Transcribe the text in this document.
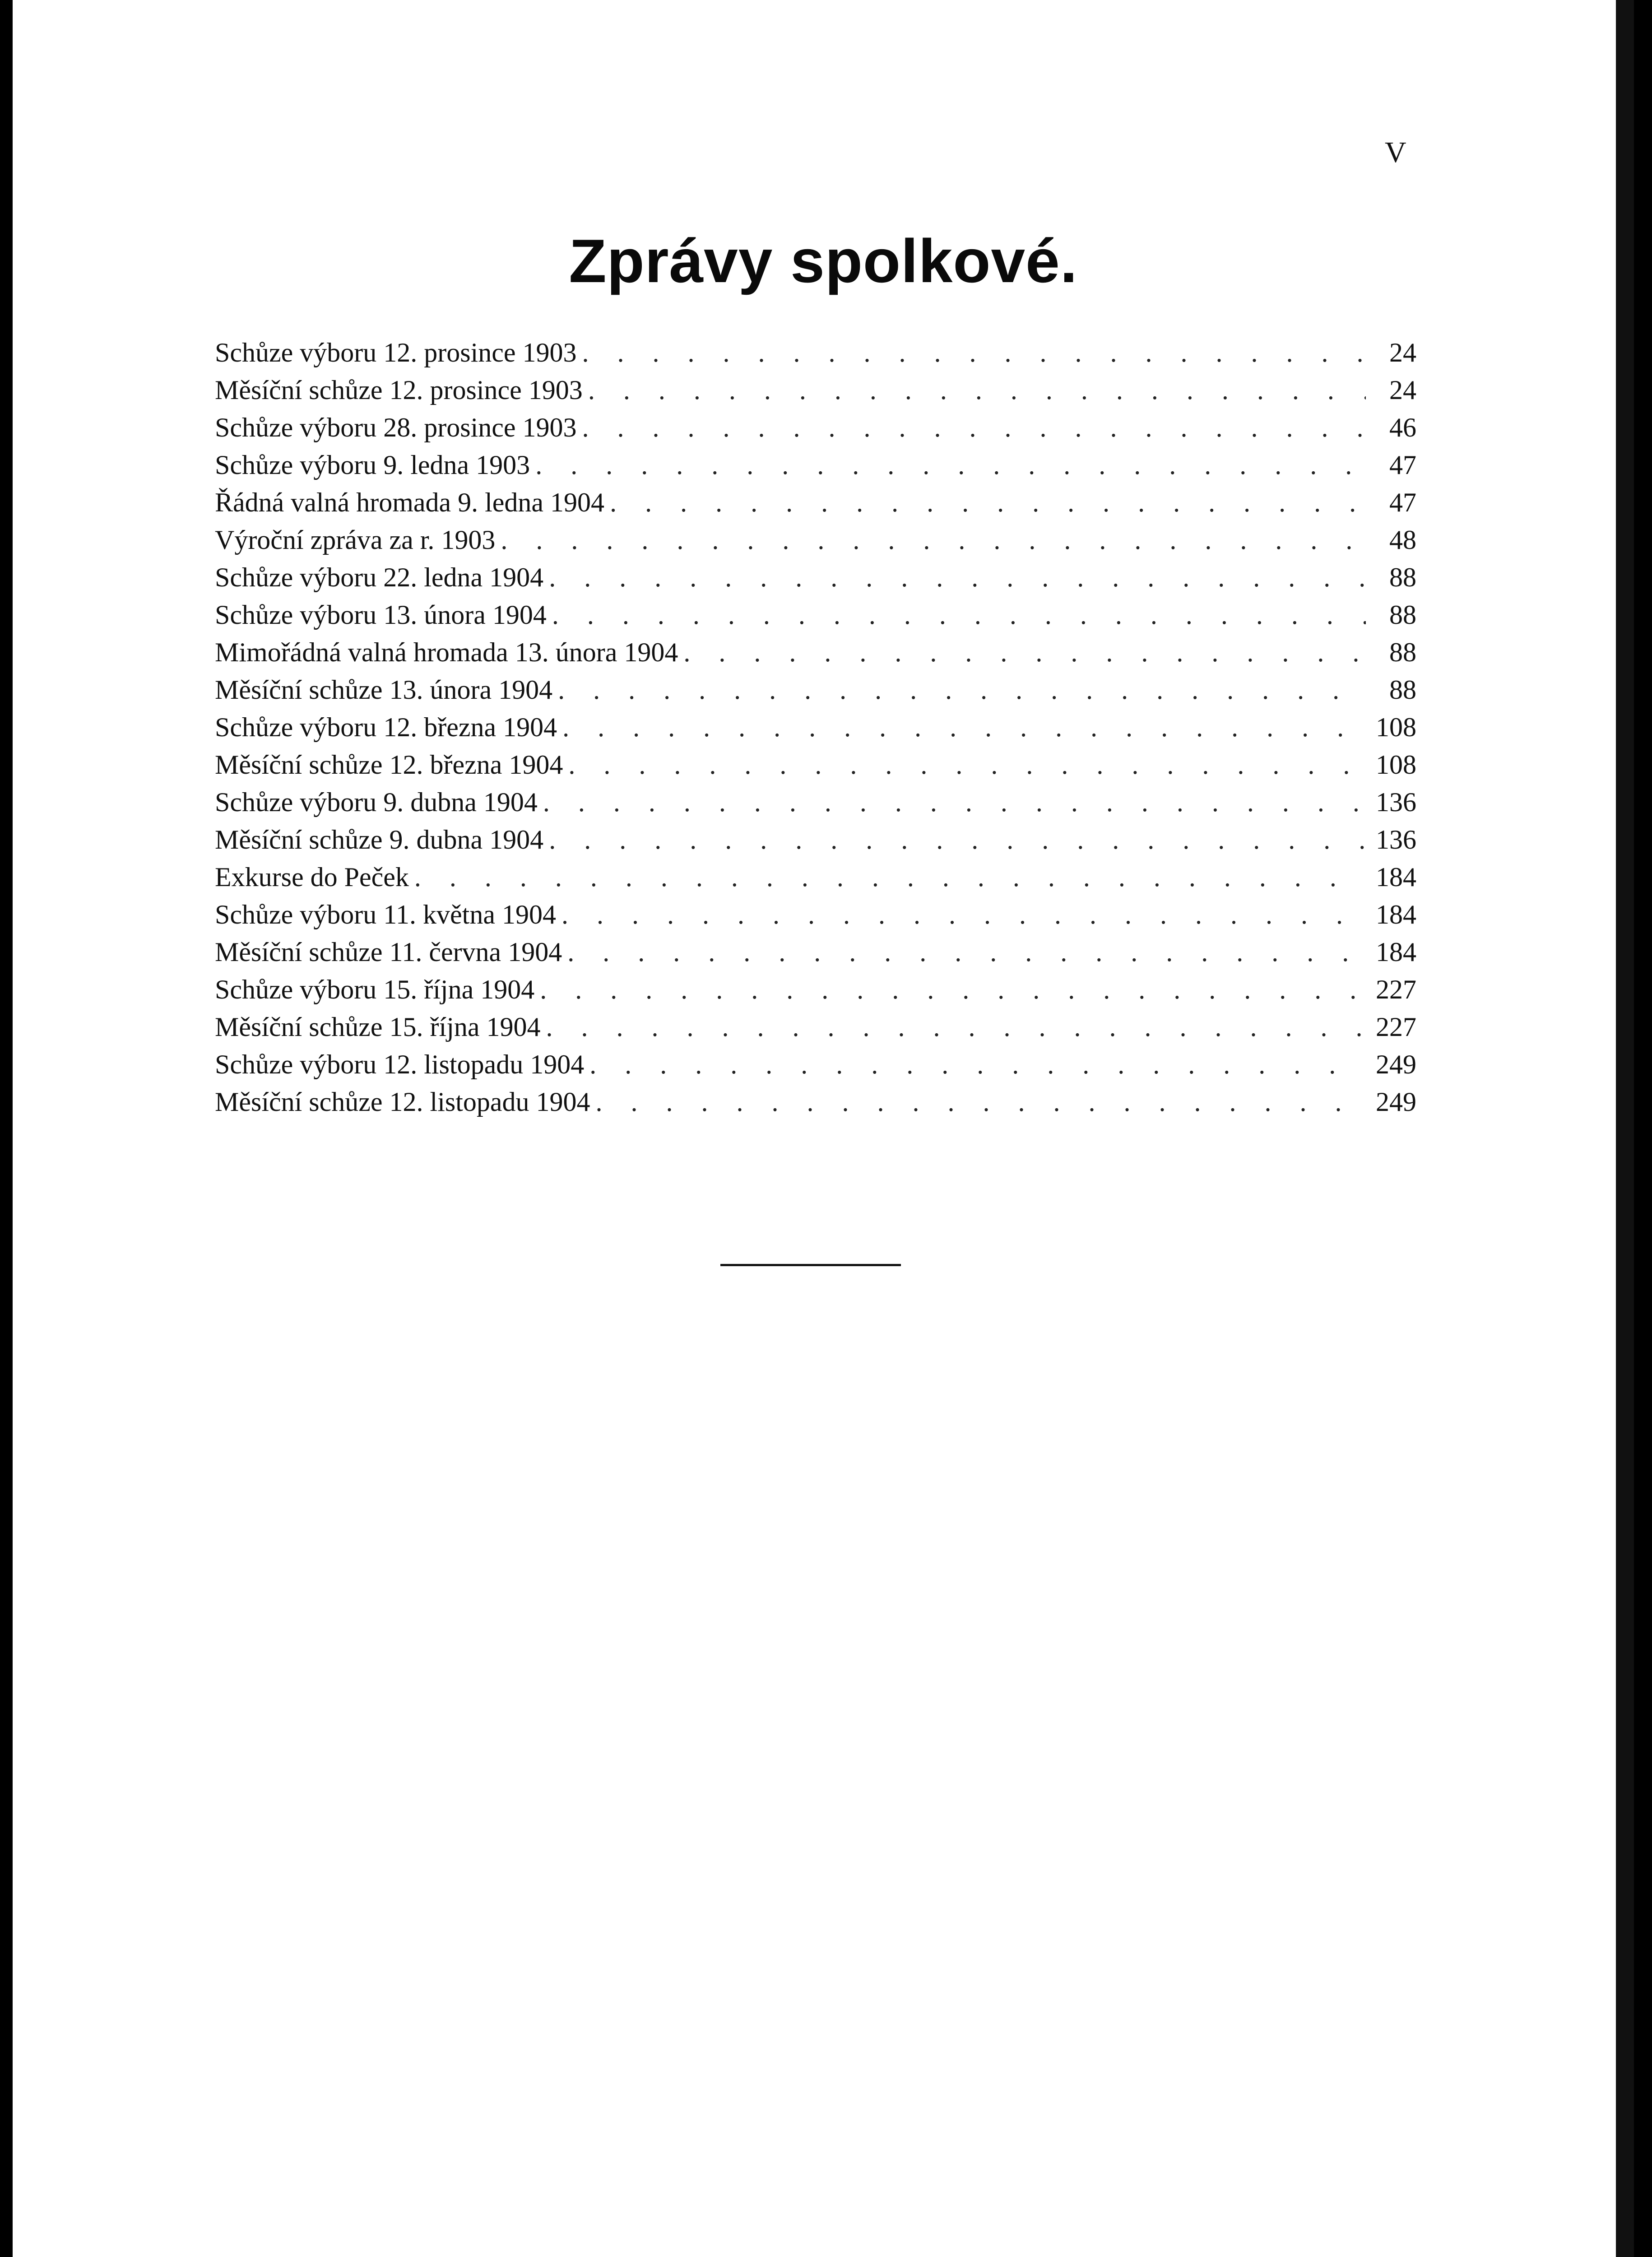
V
Zprávy spolkové.
Schůze výboru 12. prosince 1903 . . .	24
Měsíční schůze 12. prosince 1903 . . .	24
Schůze výboru 28. prosince 1903 . . .	46
Schůze výboru 9. ledna 1903 . . .	47
Řádná valná hromada 9. ledna 1904 . . .	47
Výroční zpráva za r. 1903 . . .	48
Schůze výboru 22. ledna 1904 . . .	88
Schůze výboru 13. února 1904 . . .	88
Mimořádná valná hromada 13. února 1904 . . .	88
Měsíční schůze 13. února 1904 . . .	88
Schůze výboru 12. března 1904 . . .	108
Měsíční schůze 12. března 1904 . . .	108
Schůze výboru 9. dubna 1904 . . .	136
Měsíční schůze 9. dubna 1904 . . .	136
Exkurse do Peček . . .	184
Schůze výboru 11. května 1904 . . .	184
Měsíční schůze 11. června 1904 . . .	184
Schůze výboru 15. října 1904 . . .	227
Měsíční schůze 15. října 1904 . . .	227
Schůze výboru 12. listopadu 1904 . . .	249
Měsíční schůze 12. listopadu 1904 . . .	249
